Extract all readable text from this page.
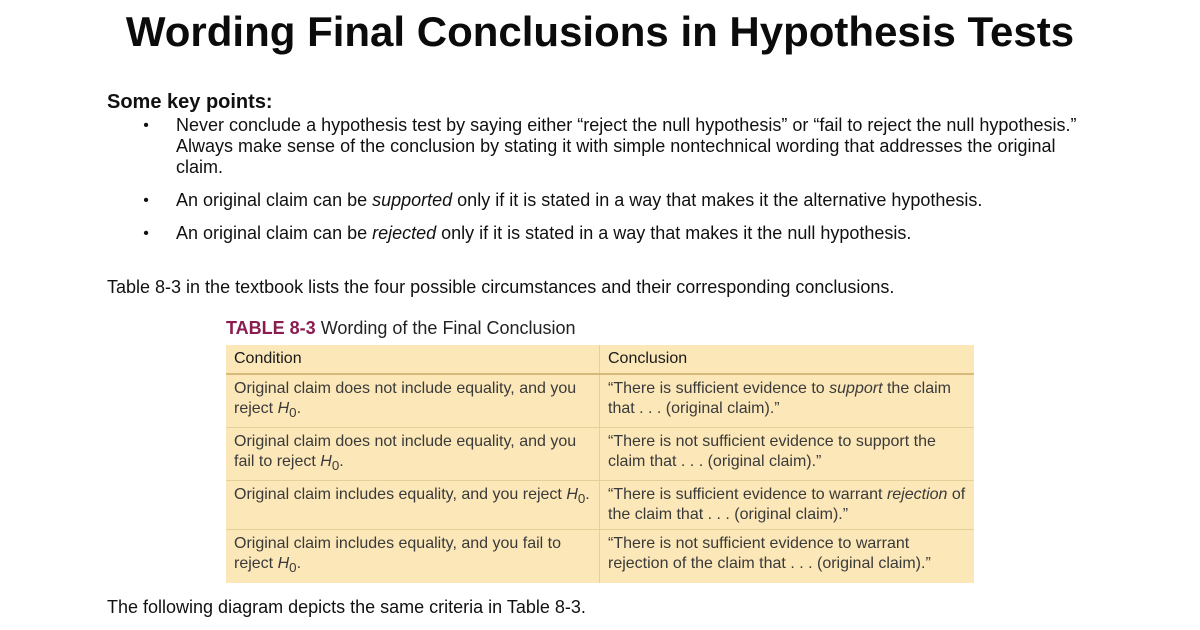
Wording Final Conclusions in Hypothesis Tests
Some key points:
• Never conclude a hypothesis test by saying either “reject the null hypothesis” or “fail to reject the null hypothesis.” Always make sense of the conclusion by stating it with simple nontechnical wording that addresses the original claim.
• An original claim can be supported only if it is stated in a way that makes it the alternative hypothesis.
• An original claim can be rejected only if it is stated in a way that makes it the null hypothesis.
Table 8-3 in the textbook lists the four possible circumstances and their corresponding conclusions.
TABLE 8-3 Wording of the Final Conclusion
Condition	Conclusion
Original claim does not include equality, and you reject $H_0$.	“There is sufficient evidence to support the claim that . . . (original claim).”
Original claim does not include equality, and you fail to reject $H_0$.	“There is not sufficient evidence to support the claim that . . . (original claim).”
Original claim includes equality, and you reject $H_0$.	“There is sufficient evidence to warrant rejection of the claim that . . . (original claim).”
Original claim includes equality, and you fail to reject $H_0$.	“There is not sufficient evidence to warrant rejection of the claim that . . . (original claim).”
The following diagram depicts the same criteria in Table 8-3.
